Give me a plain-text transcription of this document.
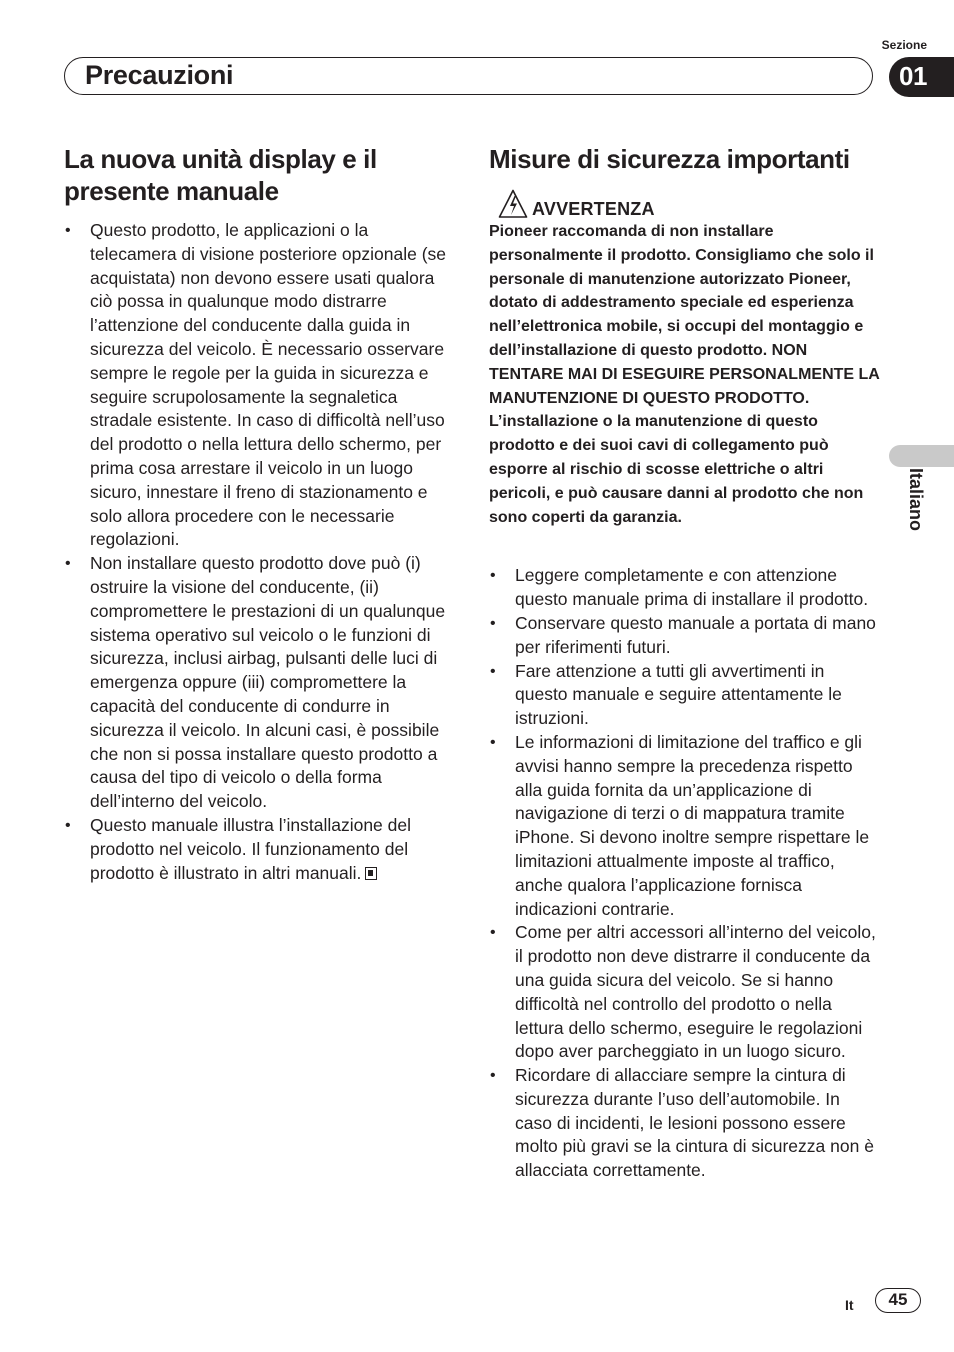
Sezione
Precauzioni	01
Italiano
La nuova unità display e il presente manuale
• Questo prodotto, le applicazioni o la telecamera di visione posteriore opzionale (se acquistata) non devono essere usati qualora ciò possa in qualunque modo distrarre l’attenzione del conducente dalla guida in sicurezza del veicolo. È necessario osservare sempre le regole per la guida in sicurezza e seguire scrupolosamente la segnaletica stradale esistente. In caso di difficoltà nell’uso del prodotto o nella lettura dello schermo, per prima cosa arrestare il veicolo in un luogo sicuro, innestare il freno di stazionamento e solo allora procedere con le necessarie regolazioni.
• Non installare questo prodotto dove può (i) ostruire la visione del conducente, (ii) compromettere le prestazioni di un qualunque sistema operativo sul veicolo o le funzioni di sicurezza, inclusi airbag, pulsanti delle luci di emergenza oppure (iii) compromettere la capacità del conducente di condurre in sicurezza il veicolo. In alcuni casi, è possibile che non si possa installare questo prodotto a causa del tipo di veicolo o della forma dell’interno del veicolo.
• Questo manuale illustra l’installazione del prodotto nel veicolo. Il funzionamento del prodotto è illustrato in altri manuali.
Misure di sicurezza importanti
AVVERTENZA
Pioneer raccomanda di non installare personalmente il prodotto. Consigliamo che solo il personale di manutenzione autorizzato Pioneer, dotato di addestramento speciale ed esperienza nell’elettronica mobile, si occupi del montaggio e dell’installazione di questo prodotto. NON TENTARE MAI DI ESEGUIRE PERSONALMENTE LA MANUTENZIONE DI QUESTO PRODOTTO. L’installazione o la manutenzione di questo prodotto e dei suoi cavi di collegamento può esporre al rischio di scosse elettriche o altri pericoli, e può causare danni al prodotto che non sono coperti da garanzia.
• Leggere completamente e con attenzione questo manuale prima di installare il prodotto.
• Conservare questo manuale a portata di mano per riferimenti futuri.
• Fare attenzione a tutti gli avvertimenti in questo manuale e seguire attentamente le istruzioni.
• Le informazioni di limitazione del traffico e gli avvisi hanno sempre la precedenza rispetto alla guida fornita da un’applicazione di navigazione di terzi o di mappatura tramite iPhone. Si devono inoltre sempre rispettare le limitazioni attualmente imposte al traffico, anche qualora l’applicazione fornisca indicazioni contrarie.
• Come per altri accessori all’interno del veicolo, il prodotto non deve distrarre il conducente da una guida sicura del veicolo. Se si hanno difficoltà nel controllo del prodotto o nella lettura dello schermo, eseguire le regolazioni dopo aver parcheggiato in un luogo sicuro.
• Ricordare di allacciare sempre la cintura di sicurezza durante l’uso dell’automobile. In caso di incidenti, le lesioni possono essere molto più gravi se la cintura di sicurezza non è allacciata correttamente.
It	45
